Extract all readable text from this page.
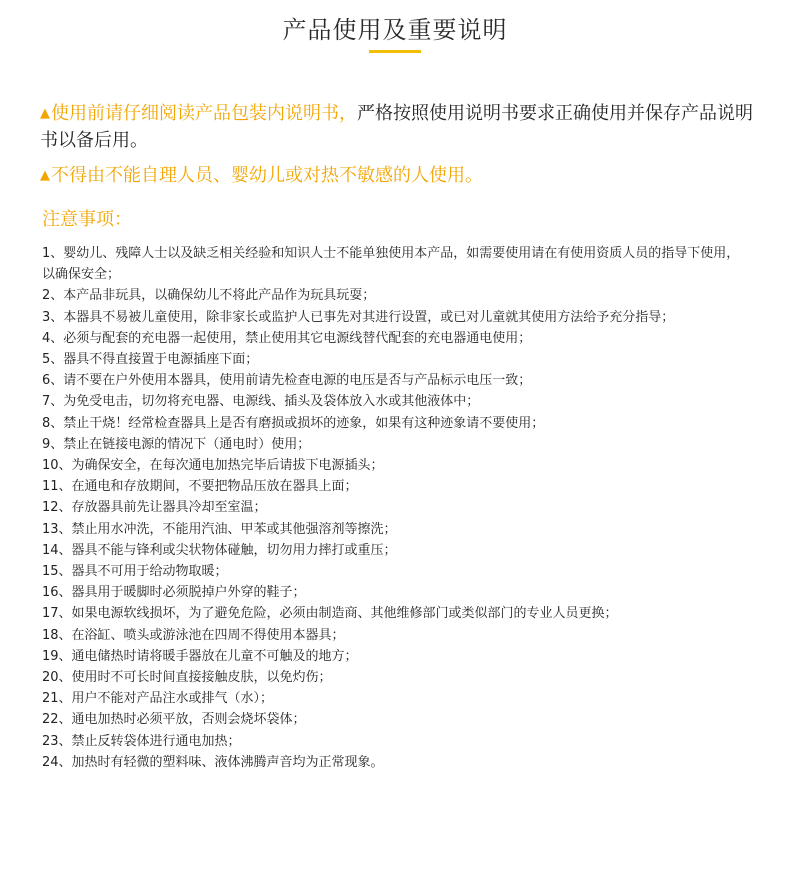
产品使用及重要说明
▲使用前请仔细阅读产品包装内说明书，严格按照使用说明书要求正确使用并保存产品说明书以备后用。
▲不得由不能自理人员、婴幼儿或对热不敏感的人使用。
注意事项：
1、婴幼儿、残障人士以及缺乏相关经验和知识人士不能单独使用本产品，如需要使用请在有使用资质人员的指导下使用，以确保安全；
2、本产品非玩具，以确保幼儿不将此产品作为玩具玩耍；
3、本器具不易被儿童使用，除非家长或监护人已事先对其进行设置，或已对儿童就其使用方法给予充分指导；
4、必须与配套的充电器一起使用，禁止使用其它电源线替代配套的充电器通电使用；
5、器具不得直接置于电源插座下面；
6、请不要在户外使用本器具，使用前请先检查电源的电压是否与产品标示电压一致；
7、为免受电击，切勿将充电器、电源线、插头及袋体放入水或其他液体中；
8、禁止干烧！经常检查器具上是否有磨损或损坏的迹象，如果有这种迹象请不要使用；
9、禁止在链接电源的情况下（通电时）使用；
10、为确保安全，在每次通电加热完毕后请拔下电源插头；
11、在通电和存放期间，不要把物品压放在器具上面；
12、存放器具前先让器具冷却至室温；
13、禁止用水冲洗，不能用汽油、甲苯或其他强溶剂等擦洗；
14、器具不能与锋利或尖状物体碰触，切勿用力摔打或重压；
15、器具不可用于给动物取暖；
16、器具用于暖脚时必须脱掉户外穿的鞋子；
17、如果电源软线损坏，为了避免危险，必须由制造商、其他维修部门或类似部门的专业人员更换；
18、在浴缸、喷头或游泳池在四周不得使用本器具；
19、通电储热时请将暖手器放在儿童不可触及的地方；
20、使用时不可长时间直接接触皮肤，以免灼伤；
21、用户不能对产品注水或排气（水）；
22、通电加热时必须平放，否则会烧坏袋体；
23、禁止反转袋体进行通电加热；
24、加热时有轻微的塑料味、液体沸腾声音均为正常现象。
